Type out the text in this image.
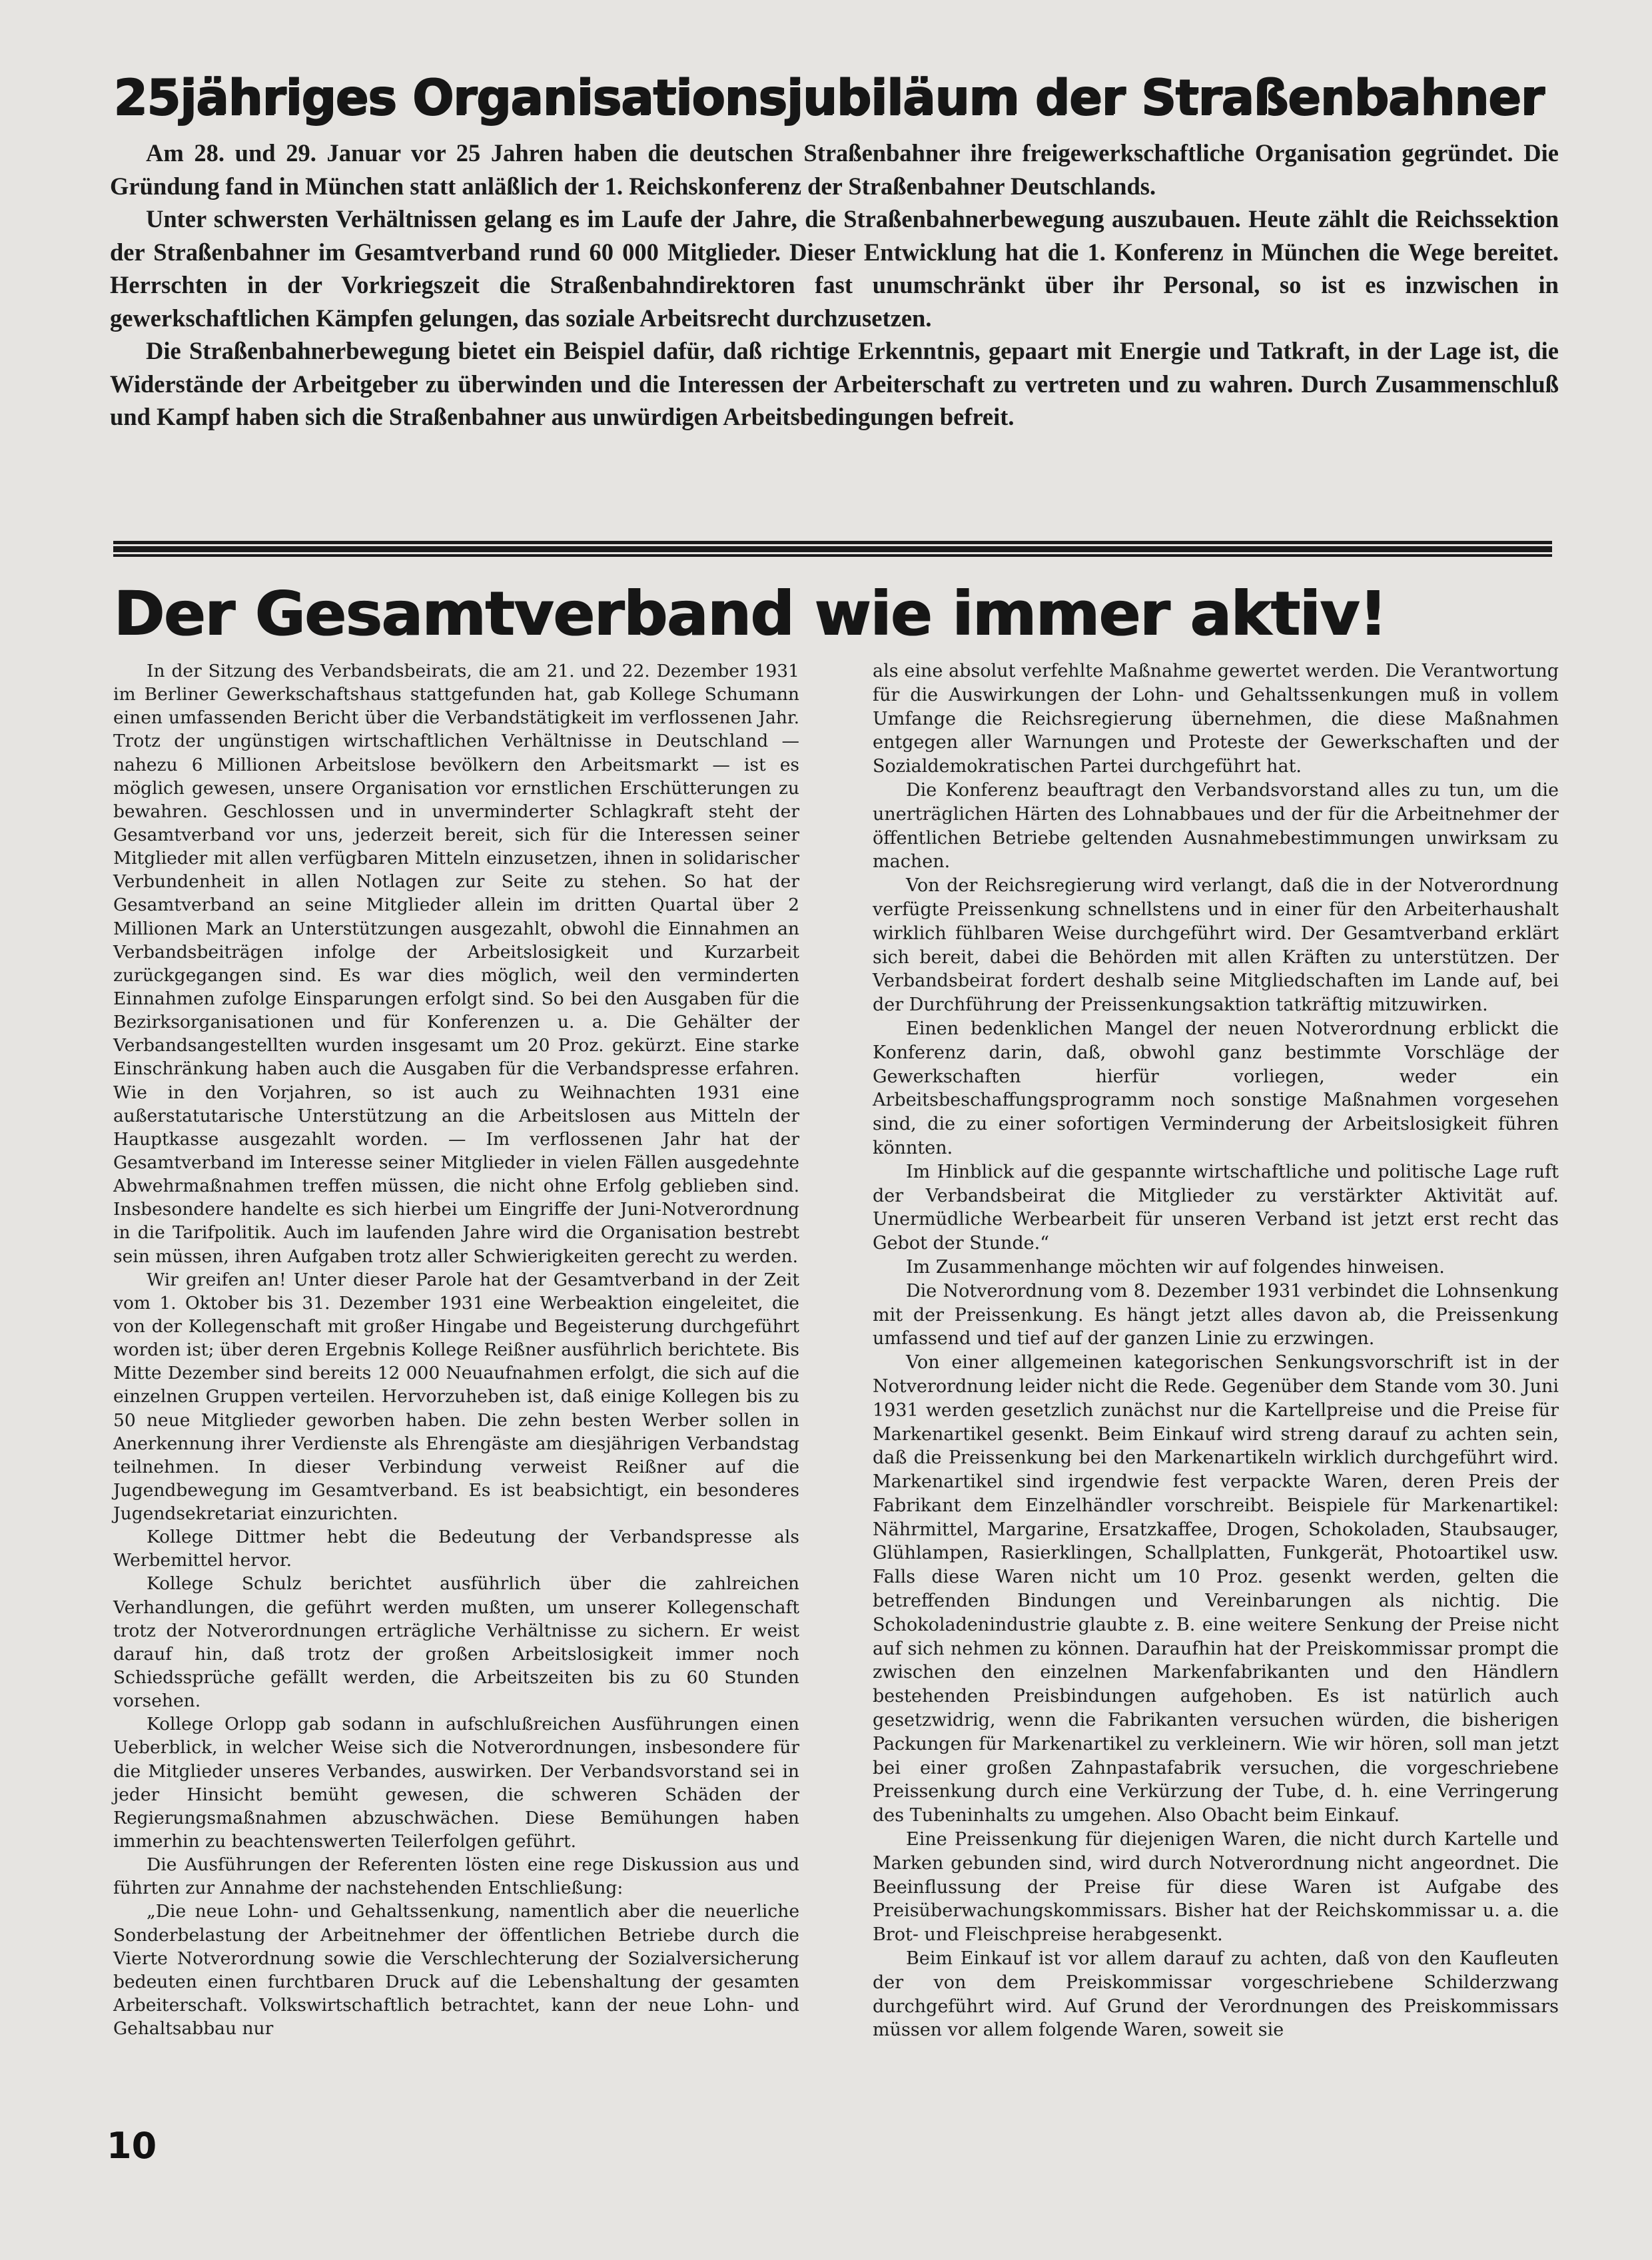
25jähriges Organisationsjubiläum der Straßenbahner

Am 28. und 29. Januar vor 25 Jahren haben die deutschen Straßenbahner ihre freigewerkschaftliche Organisation gegründet. Die Gründung fand in München statt anläßlich der 1. Reichskonferenz der Straßenbahner Deutschlands.

Unter schwersten Verhältnissen gelang es im Laufe der Jahre, die Straßenbahnerbewegung auszubauen. Heute zählt die Reichssektion der Straßenbahner im Gesamtverband rund 60 000 Mitglieder. Dieser Entwicklung hat die 1. Konferenz in München die Wege bereitet. Herrschten in der Vorkriegszeit die Straßenbahndirektoren fast unumschränkt über ihr Personal, so ist es inzwischen in gewerkschaftlichen Kämpfen gelungen, das soziale Arbeitsrecht durchzusetzen.

Die Straßenbahnerbewegung bietet ein Beispiel dafür, daß richtige Erkenntnis, gepaart mit Energie und Tatkraft, in der Lage ist, die Widerstände der Arbeitgeber zu überwinden und die Interessen der Arbeiterschaft zu vertreten und zu wahren. Durch Zusammenschluß und Kampf haben sich die Straßenbahner aus unwürdigen Arbeitsbedingungen befreit.

Der Gesamtverband wie immer aktiv!

In der Sitzung des Verbandsbeirats, die am 21. und 22. Dezember 1931 im Berliner Gewerkschaftshaus stattgefunden hat, gab Kollege Schumann einen umfassenden Bericht über die Verbandstätigkeit im verflossenen Jahr. Trotz der ungünstigen wirtschaftlichen Verhältnisse in Deutschland — nahezu 6 Millionen Arbeitslose bevölkern den Arbeitsmarkt — ist es möglich gewesen, unsere Organisation vor ernstlichen Erschütterungen zu bewahren. Geschlossen und in unverminderter Schlagkraft steht der Gesamtverband vor uns, jederzeit bereit, sich für die Interessen seiner Mitglieder mit allen verfügbaren Mitteln einzusetzen, ihnen in solidarischer Verbundenheit in allen Notlagen zur Seite zu stehen. So hat der Gesamtverband an seine Mitglieder allein im dritten Quartal über 2 Millionen Mark an Unterstützungen ausgezahlt, obwohl die Einnahmen an Verbandsbeiträgen infolge der Arbeitslosigkeit und Kurzarbeit zurückgegangen sind. Es war dies möglich, weil den verminderten Einnahmen zufolge Einsparungen erfolgt sind. So bei den Ausgaben für die Bezirksorganisationen und für Konferenzen u. a. Die Gehälter der Verbandsangestellten wurden insgesamt um 20 Proz. gekürzt. Eine starke Einschränkung haben auch die Ausgaben für die Verbandspresse erfahren. Wie in den Vorjahren, so ist auch zu Weihnachten 1931 eine außerstatutarische Unterstützung an die Arbeitslosen aus Mitteln der Hauptkasse ausgezahlt worden. — Im verflossenen Jahr hat der Gesamtverband im Interesse seiner Mitglieder in vielen Fällen ausgedehnte Abwehrmaßnahmen treffen müssen, die nicht ohne Erfolg geblieben sind. Insbesondere handelte es sich hierbei um Eingriffe der Juni-Notverordnung in die Tarifpolitik. Auch im laufenden Jahre wird die Organisation bestrebt sein müssen, ihren Aufgaben trotz aller Schwierigkeiten gerecht zu werden.

Wir greifen an! Unter dieser Parole hat der Gesamtverband in der Zeit vom 1. Oktober bis 31. Dezember 1931 eine Werbeaktion eingeleitet, die von der Kollegenschaft mit großer Hingabe und Begeisterung durchgeführt worden ist; über deren Ergebnis Kollege Reißner ausführlich berichtete. Bis Mitte Dezember sind bereits 12 000 Neuaufnahmen erfolgt, die sich auf die einzelnen Gruppen verteilen. Hervorzuheben ist, daß einige Kollegen bis zu 50 neue Mitglieder geworben haben. Die zehn besten Werber sollen in Anerkennung ihrer Verdienste als Ehrengäste am diesjährigen Verbandstag teilnehmen. In dieser Verbindung verweist Reißner auf die Jugendbewegung im Gesamtverband. Es ist beabsichtigt, ein besonderes Jugendsekretariat einzurichten.

Kollege Dittmer hebt die Bedeutung der Verbandspresse als Werbemittel hervor.

Kollege Schulz berichtet ausführlich über die zahlreichen Verhandlungen, die geführt werden mußten, um unserer Kollegenschaft trotz der Notverordnungen erträgliche Verhältnisse zu sichern. Er weist darauf hin, daß trotz der großen Arbeitslosigkeit immer noch Schiedssprüche gefällt werden, die Arbeitszeiten bis zu 60 Stunden vorsehen.

Kollege Orlopp gab sodann in aufschlußreichen Ausführungen einen Ueberblick, in welcher Weise sich die Notverordnungen, insbesondere für die Mitglieder unseres Verbandes, auswirken. Der Verbandsvorstand sei in jeder Hinsicht bemüht gewesen, die schweren Schäden der Regierungsmaßnahmen abzuschwächen. Diese Bemühungen haben immerhin zu beachtenswerten Teilerfolgen geführt.

Die Ausführungen der Referenten lösten eine rege Diskussion aus und führten zur Annahme der nachstehenden Entschließung:

„Die neue Lohn- und Gehaltssenkung, namentlich aber die neuerliche Sonderbelastung der Arbeitnehmer der öffentlichen Betriebe durch die Vierte Notverordnung sowie die Verschlechterung der Sozialversicherung bedeuten einen furchtbaren Druck auf die Lebenshaltung der gesamten Arbeiterschaft. Volkswirtschaftlich betrachtet, kann der neue Lohn- und Gehaltsabbau nur

als eine absolut verfehlte Maßnahme gewertet werden. Die Verantwortung für die Auswirkungen der Lohn- und Gehaltssenkungen muß in vollem Umfange die Reichsregierung übernehmen, die diese Maßnahmen entgegen aller Warnungen und Proteste der Gewerkschaften und der Sozialdemokratischen Partei durchgeführt hat.

Die Konferenz beauftragt den Verbandsvorstand alles zu tun, um die unerträglichen Härten des Lohnabbaues und der für die Arbeitnehmer der öffentlichen Betriebe geltenden Ausnahmebestimmungen unwirksam zu machen.

Von der Reichsregierung wird verlangt, daß die in der Notverordnung verfügte Preissenkung schnellstens und in einer für den Arbeiterhaushalt wirklich fühlbaren Weise durchgeführt wird. Der Gesamtverband erklärt sich bereit, dabei die Behörden mit allen Kräften zu unterstützen. Der Verbandsbeirat fordert deshalb seine Mitgliedschaften im Lande auf, bei der Durchführung der Preissenkungsaktion tatkräftig mitzuwirken.

Einen bedenklichen Mangel der neuen Notverordnung erblickt die Konferenz darin, daß, obwohl ganz bestimmte Vorschläge der Gewerkschaften hierfür vorliegen, weder ein Arbeitsbeschaffungsprogramm noch sonstige Maßnahmen vorgesehen sind, die zu einer sofortigen Verminderung der Arbeitslosigkeit führen könnten.

Im Hinblick auf die gespannte wirtschaftliche und politische Lage ruft der Verbandsbeirat die Mitglieder zu verstärkter Aktivität auf. Unermüdliche Werbearbeit für unseren Verband ist jetzt erst recht das Gebot der Stunde.“

Im Zusammenhange möchten wir auf folgendes hinweisen.

Die Notverordnung vom 8. Dezember 1931 verbindet die Lohnsenkung mit der Preissenkung. Es hängt jetzt alles davon ab, die Preissenkung umfassend und tief auf der ganzen Linie zu erzwingen.

Von einer allgemeinen kategorischen Senkungsvorschrift ist in der Notverordnung leider nicht die Rede. Gegenüber dem Stande vom 30. Juni 1931 werden gesetzlich zunächst nur die Kartellpreise und die Preise für Markenartikel gesenkt. Beim Einkauf wird streng darauf zu achten sein, daß die Preissenkung bei den Markenartikeln wirklich durchgeführt wird. Markenartikel sind irgendwie fest verpackte Waren, deren Preis der Fabrikant dem Einzelhändler vorschreibt. Beispiele für Markenartikel: Nährmittel, Margarine, Ersatzkaffee, Drogen, Schokoladen, Staubsauger, Glühlampen, Rasierklingen, Schallplatten, Funkgerät, Photoartikel usw. Falls diese Waren nicht um 10 Proz. gesenkt werden, gelten die betreffenden Bindungen und Vereinbarungen als nichtig. Die Schokoladenindustrie glaubte z. B. eine weitere Senkung der Preise nicht auf sich nehmen zu können. Daraufhin hat der Preiskommissar prompt die zwischen den einzelnen Markenfabrikanten und den Händlern bestehenden Preisbindungen aufgehoben. Es ist natürlich auch gesetzwidrig, wenn die Fabrikanten versuchen würden, die bisherigen Packungen für Markenartikel zu verkleinern. Wie wir hören, soll man jetzt bei einer großen Zahnpastafabrik versuchen, die vorgeschriebene Preissenkung durch eine Verkürzung der Tube, d. h. eine Verringerung des Tubeninhalts zu umgehen. Also Obacht beim Einkauf.

Eine Preissenkung für diejenigen Waren, die nicht durch Kartelle und Marken gebunden sind, wird durch Notverordnung nicht angeordnet. Die Beeinflussung der Preise für diese Waren ist Aufgabe des Preisüberwachungskommissars. Bisher hat der Reichskommissar u. a. die Brot- und Fleischpreise herabgesenkt.

Beim Einkauf ist vor allem darauf zu achten, daß von den Kaufleuten der von dem Preiskommissar vorgeschriebene Schilderzwang durchgeführt wird. Auf Grund der Verordnungen des Preiskommissars müssen vor allem folgende Waren, soweit sie

10
